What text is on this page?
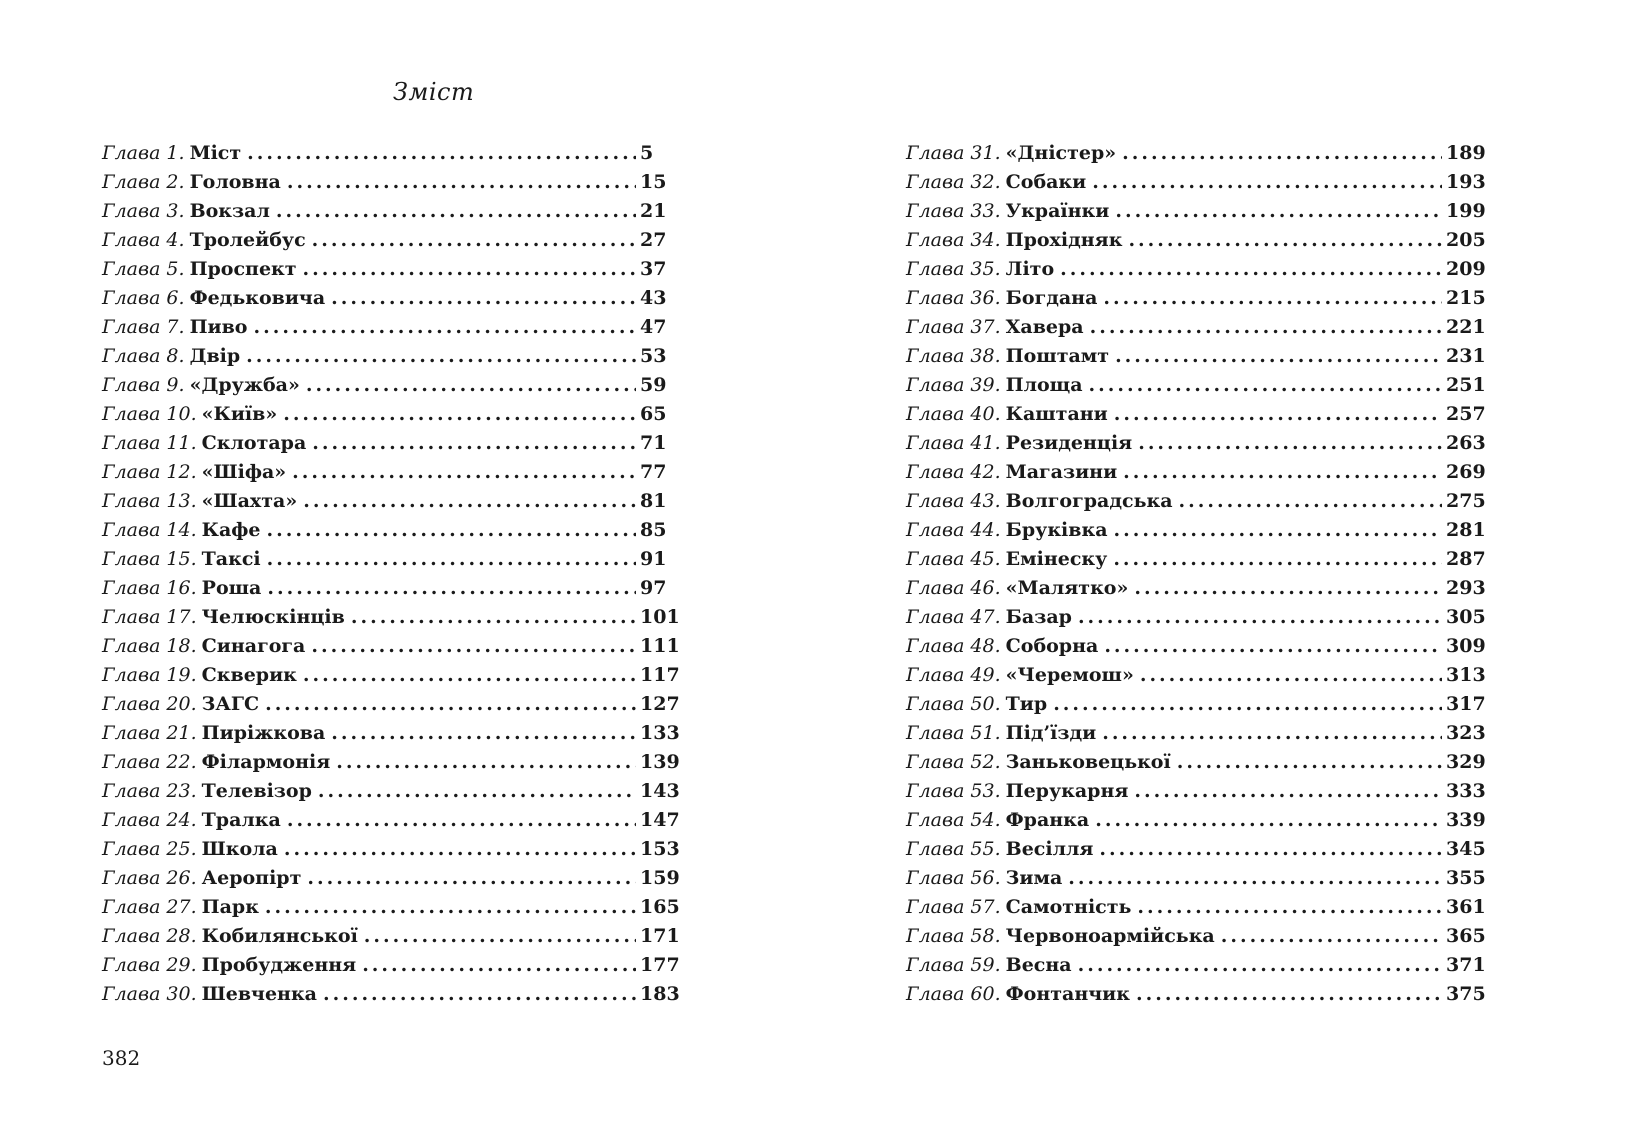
Зміст
Глава 1. Міст .....	5
Глава 2. Головна .....	15
Глава 3. Вокзал .....	21
Глава 4. Тролейбус .....	27
Глава 5. Проспект .....	37
Глава 6. Федьковича .....	43
Глава 7. Пиво .....	47
Глава 8. Двір .....	53
Глава 9. «Дружба» .....	59
Глава 10. «Київ» .....	65
Глава 11. Склотара .....	71
Глава 12. «Шіфа» .....	77
Глава 13. «Шахта» .....	81
Глава 14. Кафе .....	85
Глава 15. Таксі .....	91
Глава 16. Роша .....	97
Глава 17. Челюскінців .....	101
Глава 18. Синагога .....	111
Глава 19. Скверик .....	117
Глава 20. ЗАГС .....	127
Глава 21. Пиріжкова .....	133
Глава 22. Філармонія .....	139
Глава 23. Телевізор .....	143
Глава 24. Тралка .....	147
Глава 25. Школа .....	153
Глава 26. Аеропірт .....	159
Глава 27. Парк .....	165
Глава 28. Кобилянської .....	171
Глава 29. Пробудження .....	177
Глава 30. Шевченка .....	183
Глава 31. «Дністер» .....	189
Глава 32. Собаки .....	193
Глава 33. Українки .....	199
Глава 34. Прохідняк .....	205
Глава 35. Літо .....	209
Глава 36. Богдана .....	215
Глава 37. Хавера .....	221
Глава 38. Поштамт .....	231
Глава 39. Площа .....	251
Глава 40. Каштани .....	257
Глава 41. Резиденція .....	263
Глава 42. Магазини .....	269
Глава 43. Волгоградська .....	275
Глава 44. Бруківка .....	281
Глава 45. Емінеску .....	287
Глава 46. «Малятко» .....	293
Глава 47. Базар .....	305
Глава 48. Соборна .....	309
Глава 49. «Черемош» .....	313
Глава 50. Тир .....	317
Глава 51. Під’їзди .....	323
Глава 52. Заньковецької .....	329
Глава 53. Перукарня .....	333
Глава 54. Франка .....	339
Глава 55. Весілля .....	345
Глава 56. Зима .....	355
Глава 57. Самотність .....	361
Глава 58. Червоноармійська .....	365
Глава 59. Весна .....	371
Глава 60. Фонтанчик .....	375
382
